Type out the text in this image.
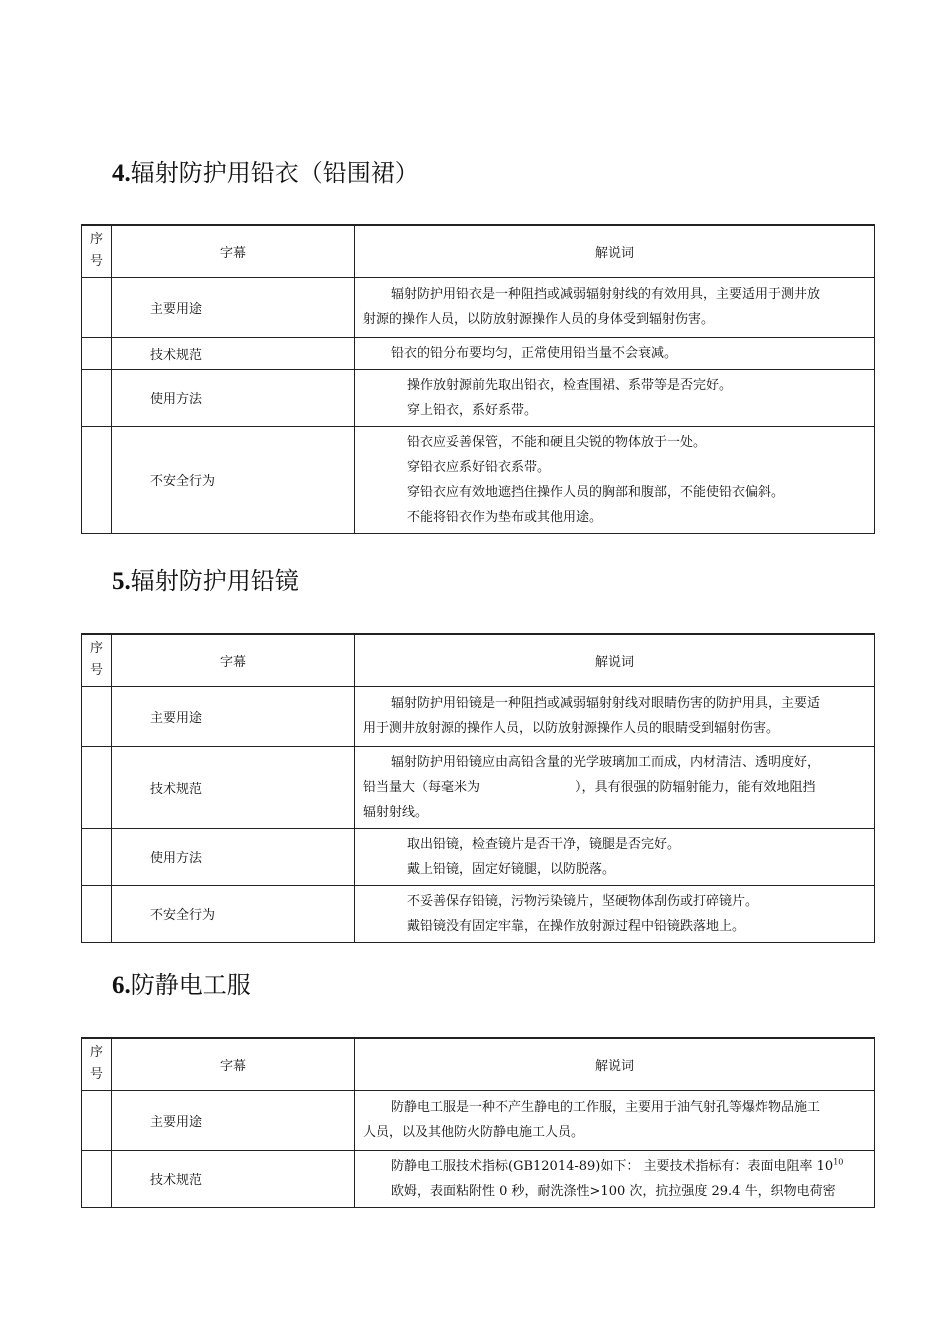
4.辐射防护用铅衣（铅围裙）
序
号	字幕	解说词
	主要用途	辐射防护用铅衣是一种阻挡或减弱辐射射线的有效用具，主要适用于测井放
射源的操作人员，以防放射源操作人员的身体受到辐射伤害。

	技术规范	铅衣的铅分布要均匀，正常使用铅当量不会衰减。

	使用方法	操作放射源前先取出铅衣，检查围裙、系带等是否完好。
穿上铅衣，系好系带。

	不安全行为	铅衣应妥善保管，不能和硬且尖锐的物体放于一处。
穿铅衣应系好铅衣系带。
穿铅衣应有效地遮挡住操作人员的胸部和腹部，不能使铅衣偏斜。
不能将铅衣作为垫布或其他用途。
5.辐射防护用铅镜
序
号	字幕	解说词
	主要用途	辐射防护用铅镜是一种阻挡或减弱辐射射线对眼睛伤害的防护用具，主要适
用于测井放射源的操作人员，以防放射源操作人员的眼睛受到辐射伤害。

	技术规范	辐射防护用铅镜应由高铅含量的光学玻璃加工而成，内材清洁、透明度好，
铅当量大（每毫米为 ），具有很强的防辐射能力，能有效地阻挡
辐射射线。

	使用方法	取出铅镜，检查镜片是否干净，镜腿是否完好。
戴上铅镜，固定好镜腿，以防脱落。

	不安全行为	不妥善保存铅镜，污物污染镜片，坚硬物体刮伤或打碎镜片。
戴铅镜没有固定牢靠，在操作放射源过程中铅镜跌落地上。
6.防静电工服
序
号	字幕	解说词
	主要用途	防静电工服是一种不产生静电的工作服，主要用于油气射孔等爆炸物品施工
人员，以及其他防火防静电施工人员。

	技术规范	防静电工服技术指标(GB12014-89)如下： 主要技术指标有：表面电阻率 $10^{10}$
欧姆，表面粘附性 0 秒，耐洗涤性>100 次，抗拉强度 29.4 牛，织物电荷密
